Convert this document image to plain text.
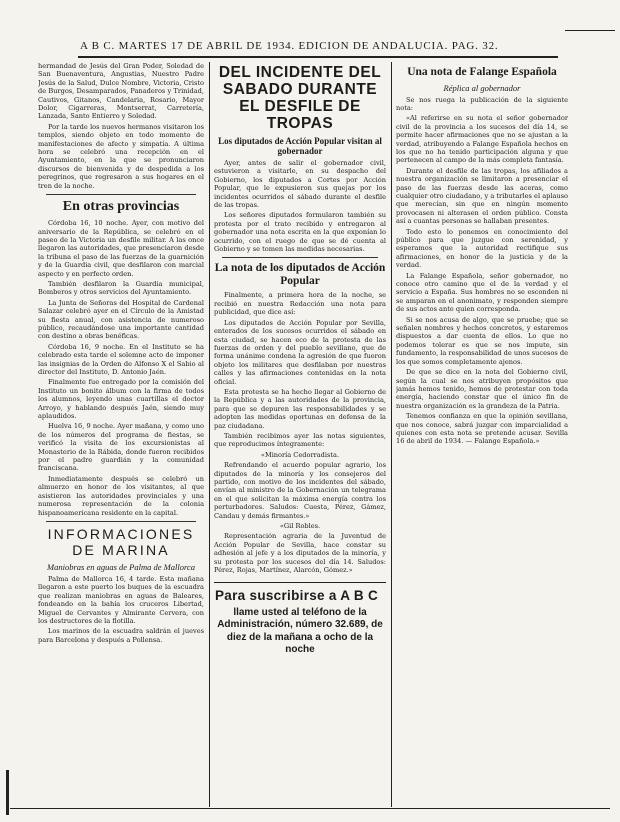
A B C. MARTES 17 DE ABRIL DE 1934. EDICION DE ANDALUCIA. PAG. 32.

hermandad de Jesús del Gran Poder, Soledad de San Buenaventura, Angustias, Nuestro Padre Jesús de la Salud, Dulce Nombre, Victoria, Cristo de Burgos, Desamparados, Panaderos y Trinidad, Cautivos, Gitanos, Candelaria, Rosario, Mayor Dolor, Cigarreras, Montserrat, Carretería, Lanzada, Santo Entierro y Soledad.

Por la tarde los nuevos hermanos visitaron los templos, siendo objeto en todo momento de manifestaciones de afecto y simpatía. A última hora se celebró una recepción en el Ayuntamiento, en la que se pronunciaron discursos de bienvenida y de despedida a los peregrinos, que regresaron a sus hogares en el tren de la noche.

En otras provincias

Córdoba 16, 10 noche. Ayer, con motivo del aniversario de la República, se celebró en el paseo de la Victoria un desfile militar. A las once llegaron las autoridades, que presenciaron desde la tribuna el paso de las fuerzas de la guarnición y de la Guardia civil, que desfilaron con marcial aspecto y en perfecto orden.

También desfilaron la Guardia municipal, Bomberos y otros servicios del Ayuntamiento.

La Junta de Señoras del Hospital de Cardenal Salazar celebró ayer en el Círculo de la Amistad su fiesta anual, con asistencia de numeroso público, recaudándose una importante cantidad con destino a obras benéficas.

Córdoba 16, 9 noche. En el Instituto se ha celebrado esta tarde el solemne acto de imponer las insignias de la Orden de Alfonso X el Sabio al director del Instituto, D. Antonio Jaén.

Finalmente fue entregado por la comisión del Instituto un bonito álbum con la firma de todos los alumnos, leyendo unas cuartillas el doctor Arroyo, y hablando después Jaén, siendo muy aplaudidos.

Huelva 16, 9 noche. Ayer mañana, y como uno de los números del programa de fiestas, se verificó la visita de los excursionistas al Monasterio de la Rábida, donde fueron recibidos por el padre guardián y la comunidad franciscana.

Inmediatamente después se celebró un almuerzo en honor de los visitantes, al que asistieron las autoridades provinciales y una numerosa representación de la colonia hispanoamericana residente en la capital.

INFORMACIONES DE MARINA
Maniobras en aguas de Palma de Mallorca

Palma de Mallorca 16, 4 tarde. Esta mañana llegaron a este puerto los buques de la escuadra que realizan maniobras en aguas de Baleares, fondeando en la bahía los cruceros Libertad, Miguel de Cervantes y Almirante Cervera, con los destructores de la flotilla.

Los marinos de la escuadra saldrán el jueves para Barcelona y después a Pollensa.

DEL INCIDENTE DEL SABADO DURANTE EL DESFILE DE TROPAS
Los diputados de Acción Popular visitan al gobernador

Ayer, antes de salir el gobernador civil, estuvieron a visitarle, en su despacho del Gobierno, los diputados a Cortes por Acción Popular, que le expusieron sus quejas por los incidentes ocurridos el sábado durante el desfile de las tropas.

Los señores diputados formularon también su protesta por el trato recibido y entregaron al gobernador una nota escrita en la que exponían lo ocurrido, con el ruego de que se dé cuenta al Gobierno y se tomen las medidas necesarias.

La nota de los diputados de Acción Popular

Finalmente, a primera hora de la noche, se recibió en nuestra Redacción una nota para publicidad, que dice así:

Los diputados de Acción Popular por Sevilla, enterados de los sucesos ocurridos el sábado en esta ciudad, se hacen eco de la protesta de las fuerzas de orden y del pueblo sevillano, que de forma unánime condena la agresión de que fueron objeto los militares que desfilaban por nuestras calles y las afirmaciones contenidas en la nota oficial.

Esta protesta se ha hecho llegar al Gobierno de la República y a las autoridades de la provincia, para que se depuren las responsabilidades y se adopten las medidas oportunas en defensa de la paz ciudadana.

También recibimos ayer las notas siguientes, que reproducimos íntegramente:

«Minoría Cedorradista.

Refrendando el acuerdo popular agrario, los diputados de la minoría y los consejeros del partido, con motivo de los incidentes del sábado, envían al ministro de la Gobernación un telegrama en el que solicitan la máxima energía contra los perturbadores. Saludos: Cuesta, Pérez, Gámez, Candau y demás firmantes.»

«Gil Robles.

Representación agraria de la Juventud de Acción Popular de Sevilla, hace constar su adhesión al jefe y a los diputados de la minoría, y su protesta por los sucesos del día 14. Saludos: Pérez, Rojas, Martínez, Alarcón, Gómez.»

Para suscribirse a A B C
llame usted al teléfono de la Administración, número 32.689, de diez de la mañana a ocho de la noche
Una nota de Falange Española
Réplica al gobernador

Se nos ruega la publicación de la siguiente nota:

«Al referirse en su nota el señor gobernador civil de la provincia a los sucesos del día 14, se permite hacer afirmaciones que no se ajustan a la verdad, atribuyendo a Falange Española hechos en los que no ha tenido participación alguna y que pertenecen al campo de la más completa fantasía.

Durante el desfile de las tropas, los afiliados a nuestra organización se limitaron a presenciar el paso de las fuerzas desde las aceras, como cualquier otro ciudadano, y a tributarles el aplauso que merecían, sin que en ningún momento provocasen ni alterasen el orden público. Consta así a cuantas personas se hallaban presentes.

Todo esto lo ponemos en conocimiento del público para que juzgue con serenidad, y esperamos que la autoridad rectifique sus afirmaciones, en honor de la justicia y de la verdad.

La Falange Española, señor gobernador, no conoce otro camino que el de la verdad y el servicio a España. Sus hombres no se esconden ni se amparan en el anonimato, y responden siempre de sus actos ante quien corresponda.

Si se nos acusa de algo, que se pruebe; que se señalen nombres y hechos concretos, y estaremos dispuestos a dar cuenta de ellos. Lo que no podemos tolerar es que se nos impute, sin fundamento, la responsabilidad de unos sucesos de los que somos completamente ajenos.

De que se dice en la nota del Gobierno civil, según la cual se nos atribuyen propósitos que jamás hemos tenido, hemos de protestar con toda energía, haciendo constar que el único fin de nuestra organización es la grandeza de la Patria.

Tenemos confianza en que la opinión sevillana, que nos conoce, sabrá juzgar con imparcialidad a quienes con esta nota se pretende acusar. Sevilla 16 de abril de 1934. — Falange Española.»
